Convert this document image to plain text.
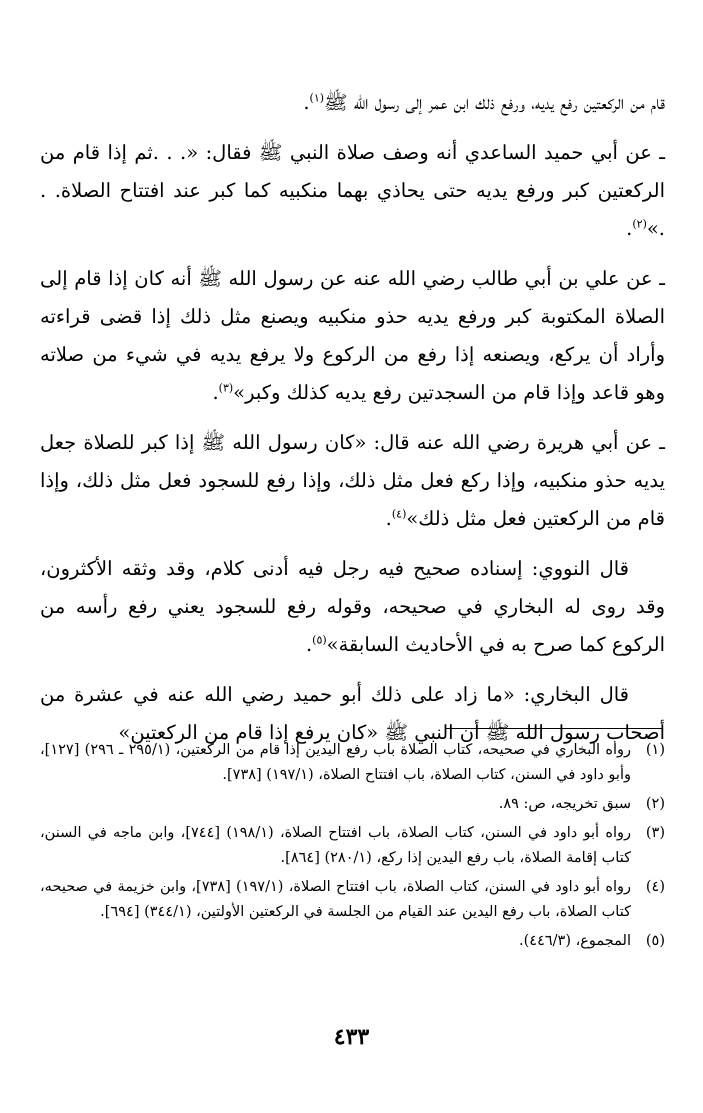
قام من الركعتين رفع يديه، ورفع ذلك ابن عمر إلى رسول الله ﷺ$^{(١)}$.

ـ عن أبي حميد الساعدي أنه وصف صلاة النبي ﷺ فقال: «. . .ثم إذا قام من الركعتين كبر ورفع يديه حتى يحاذي بهما منكبيه كما كبر عند افتتاح الصلاة. . .»$^{(٢)}$.

ـ عن علي بن أبي طالب رضي الله عنه عن رسول الله ﷺ أنه كان إذا قام إلى الصلاة المكتوبة كبر ورفع يديه حذو منكبيه ويصنع مثل ذلك إذا قضى قراءته وأراد أن يركع، ويصنعه إذا رفع من الركوع ولا يرفع يديه في شيء من صلاته وهو قاعد وإذا قام من السجدتين رفع يديه كذلك وكبر»$^{(٣)}$.

ـ عن أبي هريرة رضي الله عنه قال: «كان رسول الله ﷺ إذا كبر للصلاة جعل يديه حذو منكبيه، وإذا ركع فعل مثل ذلك، وإذا رفع للسجود فعل مثل ذلك، وإذا قام من الركعتين فعل مثل ذلك»$^{(٤)}$.

قال النووي: إسناده صحيح فيه رجل فيه أدنى كلام، وقد وثقه الأكثرون، وقد روى له البخاري في صحيحه، وقوله رفع للسجود يعني رفع رأسه من الركوع كما صرح به في الأحاديث السابقة»$^{(٥)}$.

قال البخاري: «ما زاد على ذلك أبو حميد رضي الله عنه في عشرة من أصحاب رسول الله ﷺ أن النبي ﷺ «كان يرفع إذا قام من الركعتين»

(١)
رواه البخاري في صحيحه، كتاب الصلاة باب رفع اليدين إذا قام من الركعتين، (٢٩٥/١ ـ ٢٩٦) [١٢٧]، وأبو داود في السنن، كتاب الصلاة، باب افتتاح الصلاة، (١٩٧/١) [٧٣٨].
(٢)
سبق تخريجه، ص: ٨٩.
(٣)
رواه أبو داود في السنن، كتاب الصلاة، باب افتتاح الصلاة، (١٩٨/١) [٧٤٤]، وابن ماجه في السنن، كتاب إقامة الصلاة، باب رفع اليدين إذا ركع، (٢٨٠/١) [٨٦٤].
(٤)
رواه أبو داود في السنن، كتاب الصلاة، باب افتتاح الصلاة، (١٩٧/١) [٧٣٨]، وابن خزيمة في صحيحه، كتاب الصلاة، باب رفع اليدين عند القيام من الجلسة في الركعتين الأولتين، (٣٤٤/١) [٦٩٤].
(٥)
المجموع، (٤٤٦/٣).
٤٣٣
